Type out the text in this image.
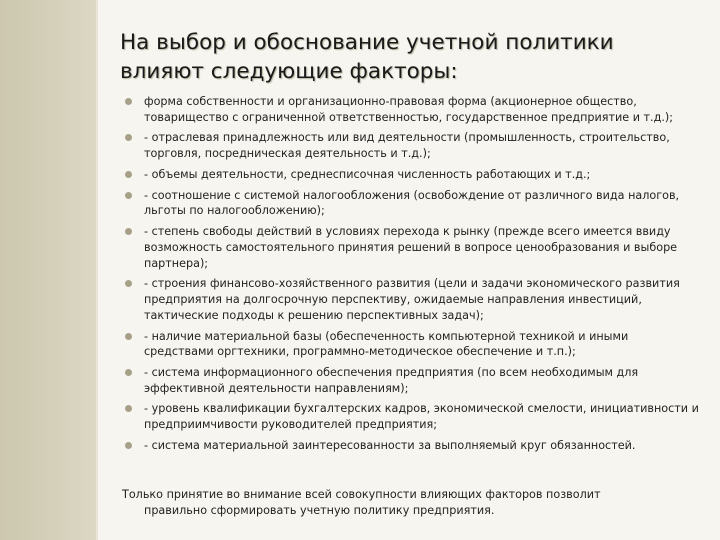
На выбор и обоснование учетной политики влияют следующие факторы:
форма собственности и организационно-правовая форма (акционерное общество, товарищество с ограниченной ответственностью, государственное предприятие и т.д.);
- отраслевая принадлежность или вид деятельности (промышленность, строительство, торговля, посредническая деятельность и т.д.);
- объемы деятельности, среднесписочная численность работающих и т.д.;
- соотношение с системой налогообложения (освобождение от различного вида налогов, льготы по налогообложению);
- степень свободы действий в условиях перехода к рынку (прежде всего имеется ввиду возможность самостоятельного принятия решений в вопросе ценообразования и выборе партнера);
- строения финансово-хозяйственного развития (цели и задачи экономического развития предприятия на долгосрочную перспективу, ожидаемые направления инвестиций, тактические подходы к решению перспективных задач);
- наличие материальной базы (обеспеченность компьютерной техникой и иными средствами оргтехники, программно-методическое обеспечение и т.п.);
- система информационного обеспечения предприятия (по всем необходимым для эффективной деятельности направлениям);
- уровень квалификации бухгалтерских кадров, экономической смелости, инициативности и предприимчивости руководителей предприятия;
- система материальной заинтересованности за выполняемый круг обязанностей.
Только принятие во внимание всей совокупности влияющих факторов позволит
правильно сформировать учетную политику предприятия.
